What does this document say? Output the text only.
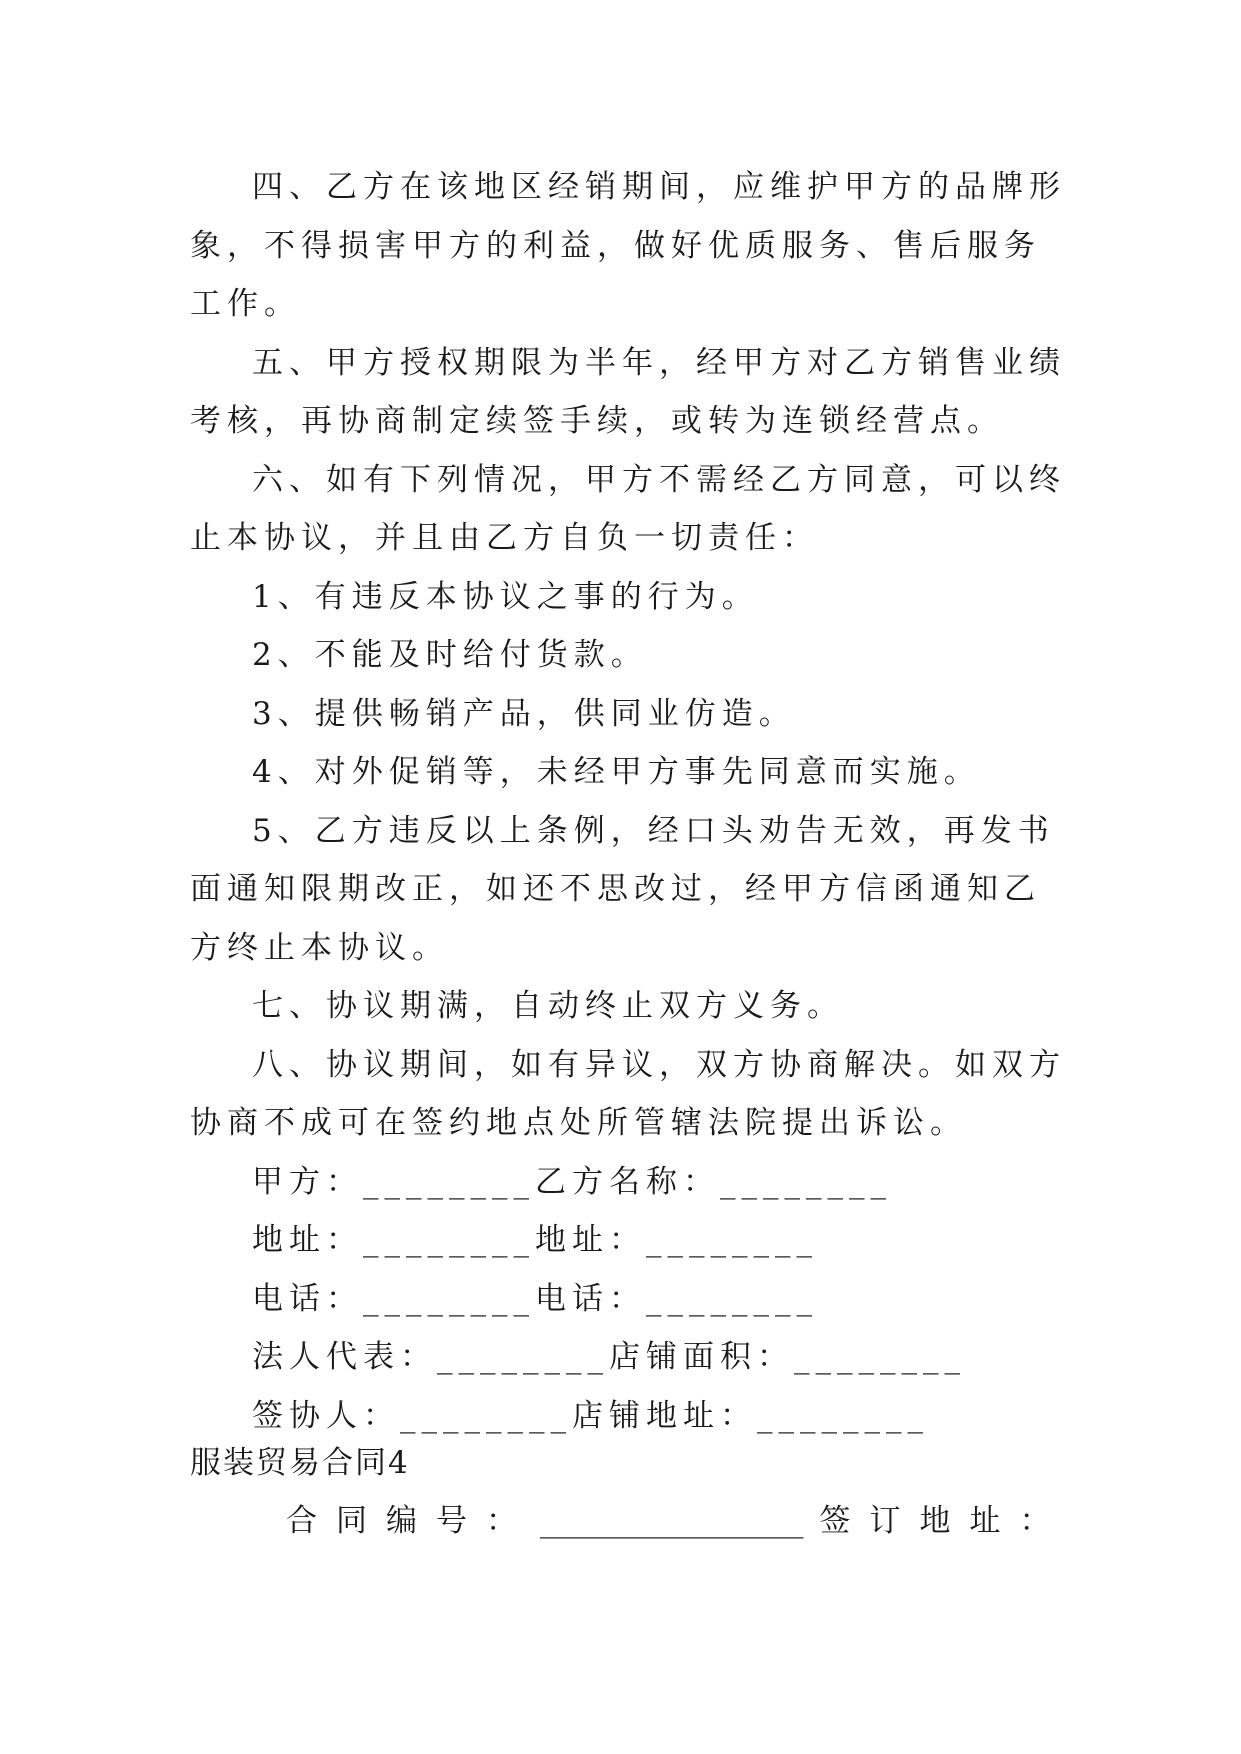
四、乙方在该地区经销期间，应维护甲方的品牌形象，不得损害甲方的利益，做好优质服务、售后服务工作。

五、甲方授权期限为半年，经甲方对乙方销售业绩考核，再协商制定续签手续，或转为连锁经营点。

六、如有下列情况，甲方不需经乙方同意，可以终止本协议，并且由乙方自负一切责任：

1、有违反本协议之事的行为。

2、不能及时给付货款。

3、提供畅销产品，供同业仿造。

4、对外促销等，未经甲方事先同意而实施。

5、乙方违反以上条例，经口头劝告无效，再发书面通知限期改正，如还不思改过，经甲方信函通知乙方终止本协议。

七、协议期满，自动终止双方义务。

八、协议期间，如有异议，双方协商解决。如双方协商不成可在签约地点处所管辖法院提出诉讼。

甲方：________乙方名称：________

地址：________地址：________

电话：________电话：________

法人代表：________店铺面积：________

签协人：________店铺地址：________

服装贸易合同4

合同编号： _________________ 签订地址：
